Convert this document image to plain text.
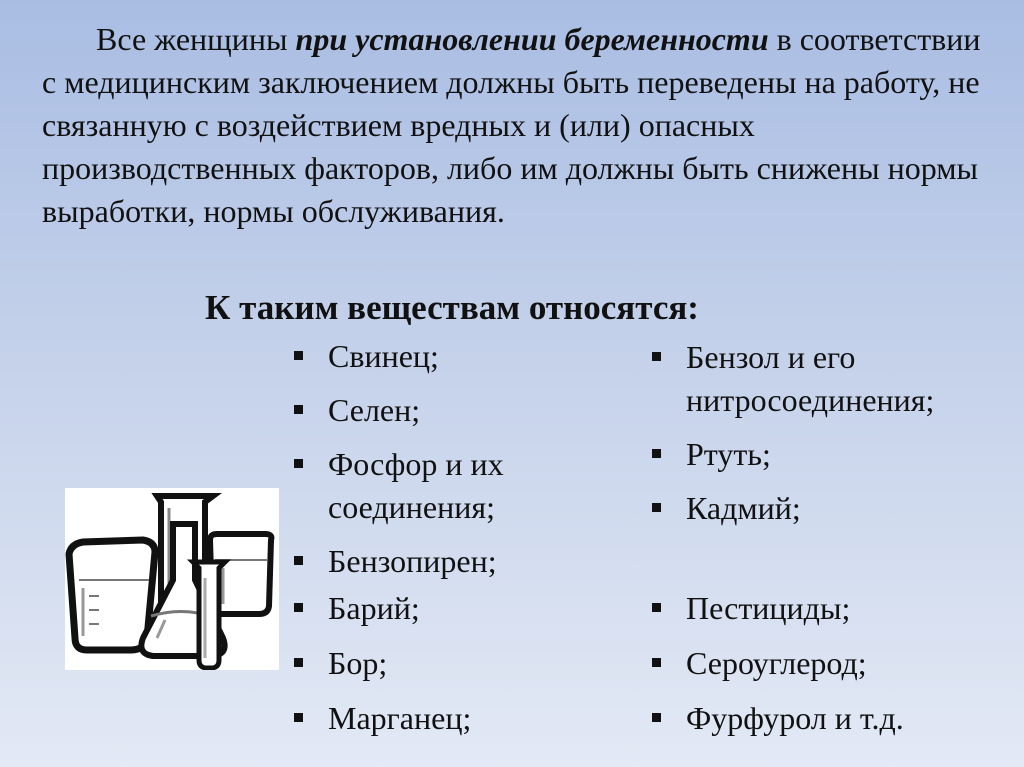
Все женщины при установлении беременности в соответствии с медицинским заключением должны быть переведены на работу, не связанную с воздействием вредных и (или) опасных производственных факторов, либо им должны быть снижены нормы выработки, нормы обслуживания.

К таким веществам относятся:
Свинец;
Селен;
Фосфор и их соединения;
Бензопирен;
Барий;
Бор;
Марганец;
Бензол и его нитросоединения;
Ртуть;
Кадмий;
Пестициды;
Сероуглерод;
Фурфурол и т.д.
